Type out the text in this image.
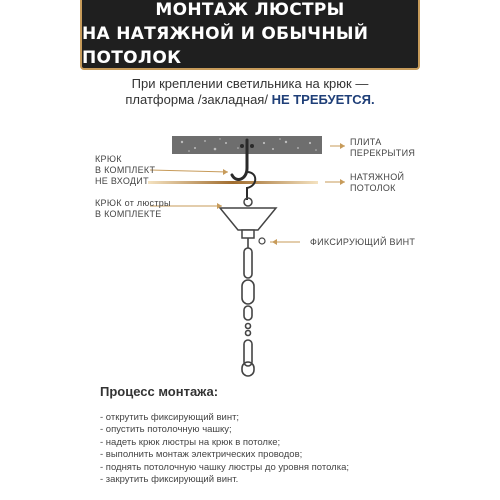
МОНТАЖ ЛЮСТРЫ
НА НАТЯЖНОЙ И ОБЫЧНЫЙ ПОТОЛОК
При креплении светильника на крюк —
платформа /закладная/ НЕ ТРЕБУЕТСЯ.
ПЛИТА
ПЕРЕКРЫТИЯ
НАТЯЖНОЙ
ПОТОЛОК
КРЮК
В КОМПЛЕКТ
НЕ ВХОДИТ
КРЮК от люстры
В КОМПЛЕКТЕ
ФИКСИРУЮЩИЙ ВИНТ
Процесс монтажа:
- открутить фиксирующий винт;
- опустить потолочную чашку;
- надеть крюк люстры на крюк в потолке;
- выполнить монтаж электрических проводов;
- поднять потолочную чашку люстры до уровня потолка;
- закрутить фиксирующий винт.
